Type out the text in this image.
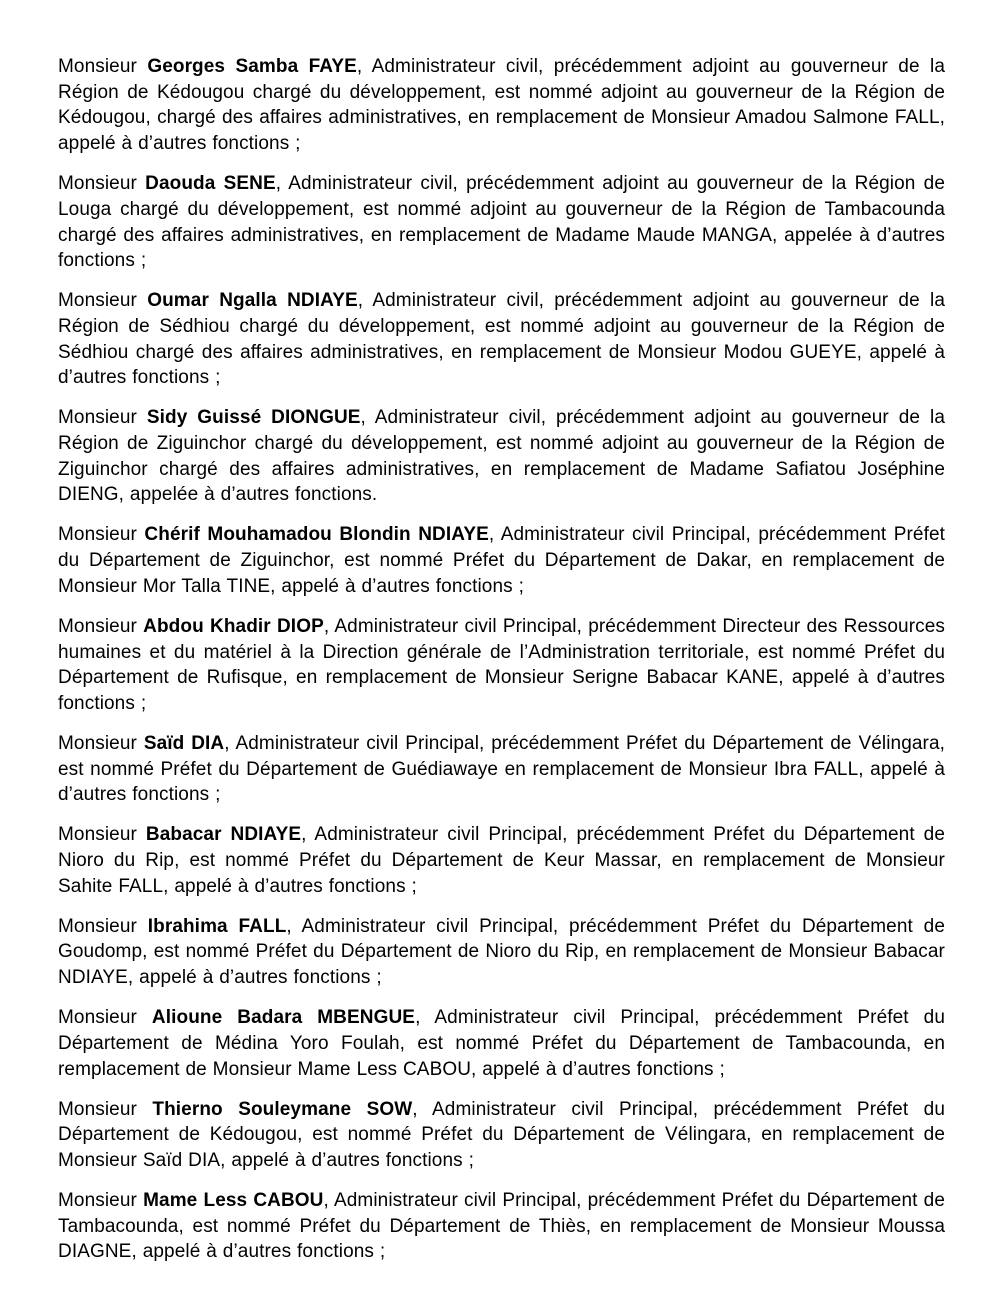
Monsieur Georges Samba FAYE, Administrateur civil, précédemment adjoint au gouverneur de la Région de Kédougou chargé du développement, est nommé adjoint au gouverneur de la Région de Kédougou, chargé des affaires administratives, en remplacement de Monsieur Amadou Salmone FALL, appelé à d’autres fonctions ;

Monsieur Daouda SENE, Administrateur civil, précédemment adjoint au gouverneur de la Région de Louga chargé du développement, est nommé adjoint au gouverneur de la Région de Tambacounda chargé des affaires administratives, en remplacement de Madame Maude MANGA, appelée à d’autres fonctions ;

Monsieur Oumar Ngalla NDIAYE, Administrateur civil, précédemment adjoint au gouverneur de la Région de Sédhiou chargé du développement, est nommé adjoint au gouverneur de la Région de Sédhiou chargé des affaires administratives, en remplacement de Monsieur Modou GUEYE, appelé à d’autres fonctions ;

Monsieur Sidy Guissé DIONGUE, Administrateur civil, précédemment adjoint au gouverneur de la Région de Ziguinchor chargé du développement, est nommé adjoint au gouverneur de la Région de Ziguinchor chargé des affaires administratives, en remplacement de Madame Safiatou Joséphine DIENG, appelée à d’autres fonctions.

Monsieur Chérif Mouhamadou Blondin NDIAYE, Administrateur civil Principal, précédemment Préfet du Département de Ziguinchor, est nommé Préfet du Département de Dakar, en remplacement de Monsieur Mor Talla TINE, appelé à d’autres fonctions ;

Monsieur Abdou Khadir DIOP, Administrateur civil Principal, précédemment Directeur des Ressources humaines et du matériel à la Direction générale de l’Administration territoriale, est nommé Préfet du Département de Rufisque, en remplacement de Monsieur Serigne Babacar KANE, appelé à d’autres fonctions ;

Monsieur Saïd DIA, Administrateur civil Principal, précédemment Préfet du Département de Vélingara, est nommé Préfet du Département de Guédiawaye en remplacement de Monsieur Ibra FALL, appelé à d’autres fonctions ;

Monsieur Babacar NDIAYE, Administrateur civil Principal, précédemment Préfet du Département de Nioro du Rip, est nommé Préfet du Département de Keur Massar, en remplacement de Monsieur Sahite FALL, appelé à d’autres fonctions ;

Monsieur Ibrahima FALL, Administrateur civil Principal, précédemment Préfet du Département de Goudomp, est nommé Préfet du Département de Nioro du Rip, en remplacement de Monsieur Babacar NDIAYE, appelé à d’autres fonctions ;

Monsieur Alioune Badara MBENGUE, Administrateur civil Principal, précédemment Préfet du Département de Médina Yoro Foulah, est nommé Préfet du Département de Tambacounda, en remplacement de Monsieur Mame Less CABOU, appelé à d’autres fonctions ;

Monsieur Thierno Souleymane SOW, Administrateur civil Principal, précédemment Préfet du Département de Kédougou, est nommé Préfet du Département de Vélingara, en remplacement de Monsieur Saïd DIA, appelé à d’autres fonctions ;

Monsieur Mame Less CABOU, Administrateur civil Principal, précédemment Préfet du Département de Tambacounda, est nommé Préfet du Département de Thiès, en remplacement de Monsieur Moussa DIAGNE, appelé à d’autres fonctions ;
